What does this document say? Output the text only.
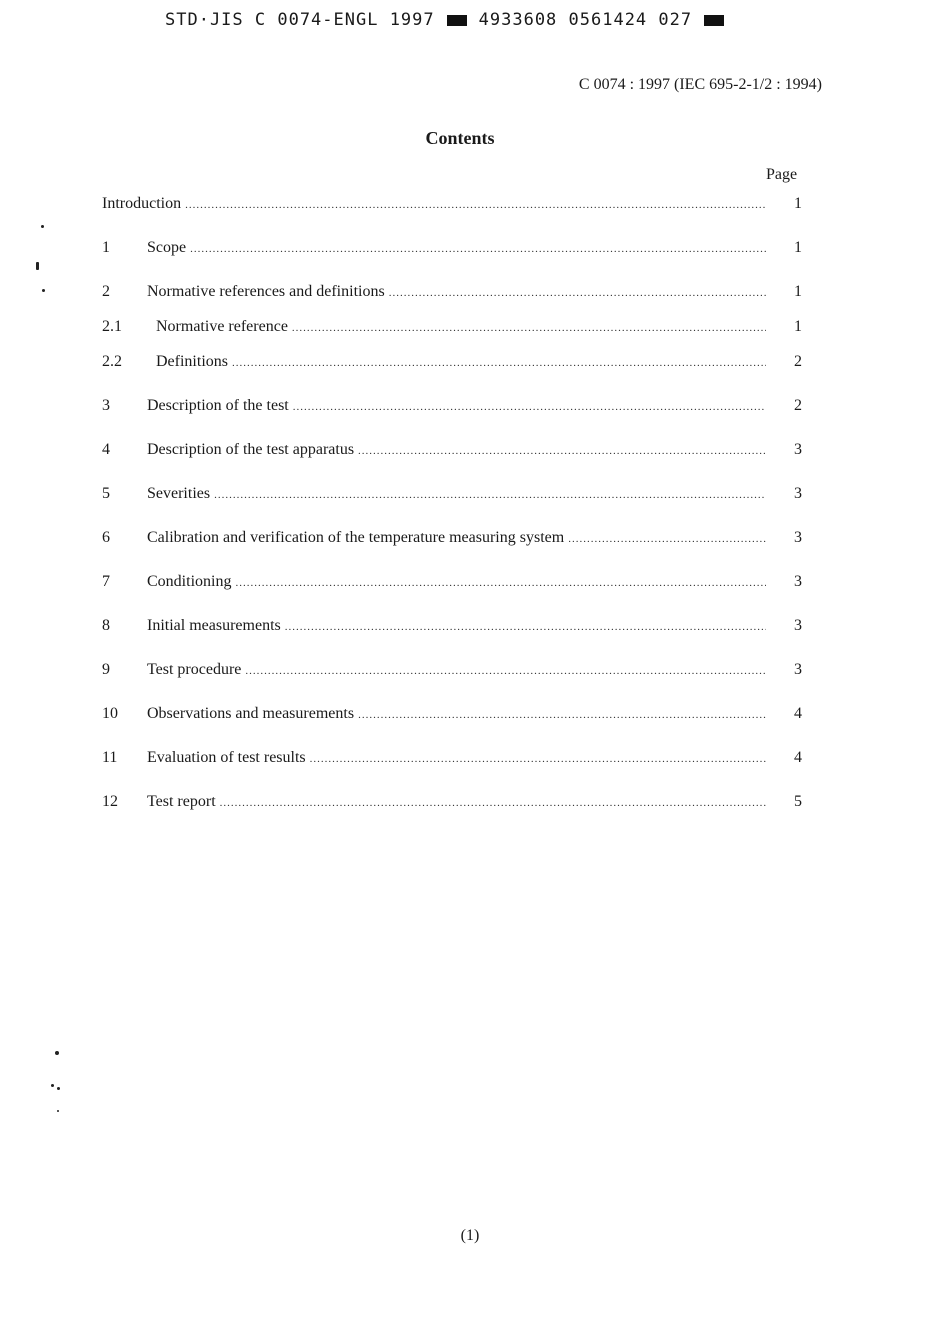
STD·JIS C 0074-ENGL 1997	4933608 0561424 027
C 0074 : 1997 (IEC 695-2-1/2 : 1994)
Contents
Page
Introduction .....	1
1	Scope .....	1
2	Normative references and definitions .....	1
2.1	Normative reference .....	1
2.2	Definitions .....	2
3	Description of the test .....	2
4	Description of the test apparatus .....	3
5	Severities .....	3
6	Calibration and verification of the temperature measuring system .....	3
7	Conditioning .....	3
8	Initial measurements .....	3
9	Test procedure .....	3
10	Observations and measurements .....	4
11	Evaluation of test results .....	4
12	Test report .....	5
(1)
